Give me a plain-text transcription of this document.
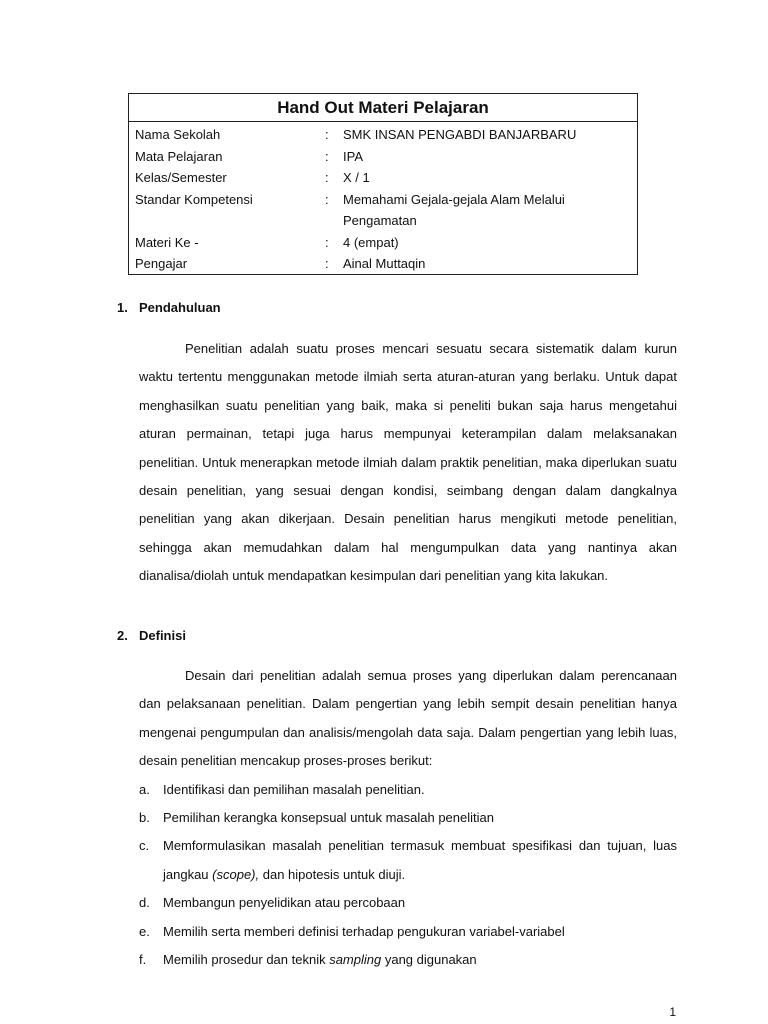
Hand Out Materi Pelajaran
Nama Sekolah	:	SMK INSAN PENGABDI BANJARBARU
Mata Pelajaran	:	IPA
Kelas/Semester	:	X / 1
Standar Kompetensi	:	Memahami Gejala-gejala Alam Melalui Pengamatan
Materi Ke -	:	4 (empat)
Pengajar	:	Ainal Muttaqin
1. Pendahuluan
Penelitian adalah suatu proses mencari sesuatu secara sistematik dalam kurun waktu tertentu menggunakan metode ilmiah serta aturan-aturan yang berlaku. Untuk dapat menghasilkan suatu penelitian yang baik, maka si peneliti bukan saja harus mengetahui aturan permainan, tetapi juga harus mempunyai keterampilan dalam melaksanakan penelitian. Untuk menerapkan metode ilmiah dalam praktik penelitian, maka diperlukan suatu desain penelitian, yang sesuai dengan kondisi, seimbang dengan dalam dangkalnya penelitian yang akan dikerjaan. Desain penelitian harus mengikuti metode penelitian, sehingga akan memudahkan dalam hal mengumpulkan data yang nantinya akan dianalisa/diolah untuk mendapatkan kesimpulan dari penelitian yang kita lakukan.
2. Definisi
Desain dari penelitian adalah semua proses yang diperlukan dalam perencanaan dan pelaksanaan penelitian. Dalam pengertian yang lebih sempit desain penelitian hanya mengenai pengumpulan dan analisis/mengolah data saja. Dalam pengertian yang lebih luas, desain penelitian mencakup proses-proses berikut:
a.	Identifikasi dan pemilihan masalah penelitian.
b.	Pemilihan kerangka konsepsual untuk masalah penelitian
c.	Memformulasikan masalah penelitian termasuk membuat spesifikasi dan tujuan, luas jangkau (scope), dan hipotesis untuk diuji.
d.	Membangun penyelidikan atau percobaan
e.	Memilih serta memberi definisi terhadap pengukuran variabel-variabel
f.	Memilih prosedur dan teknik sampling yang digunakan
1
